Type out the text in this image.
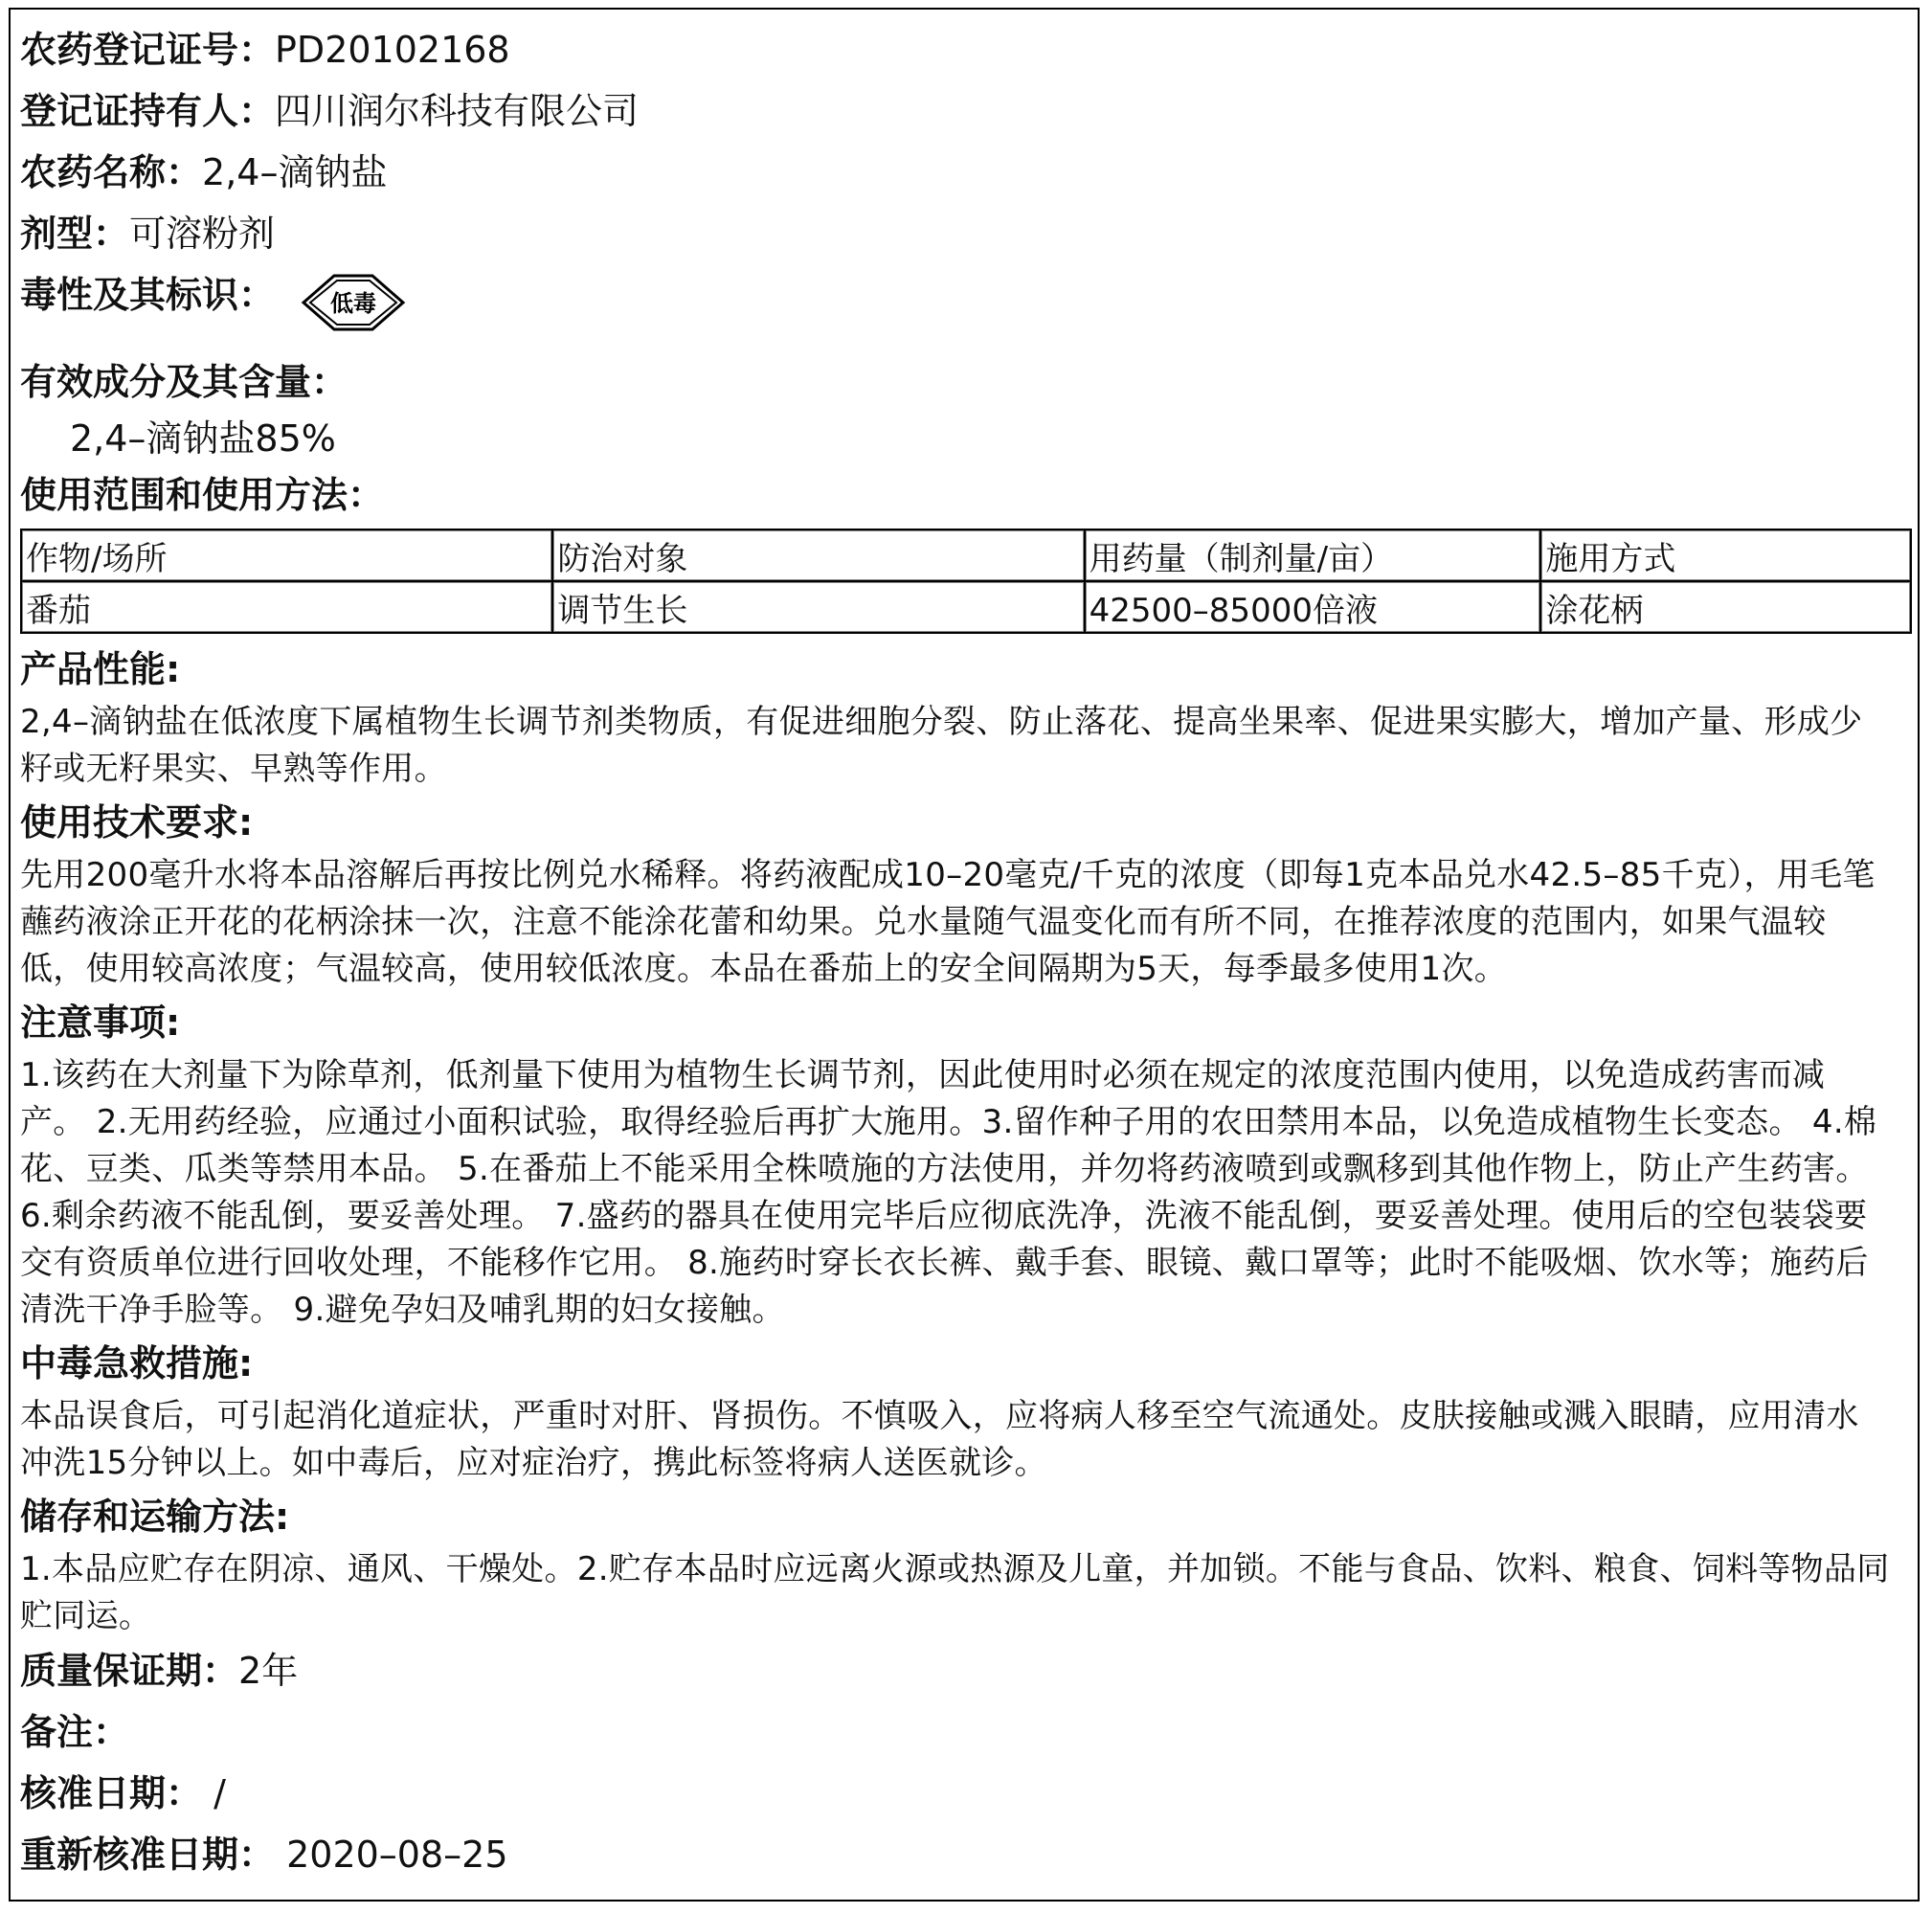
农药登记证号：PD20102168
登记证持有人：四川润尔科技有限公司
农药名称：2,4–滴钠盐
剂型：可溶粉剂
毒性及其标识： 低毒
有效成分及其含量：
2,4–滴钠盐85%
使用范围和使用方法：
作物/场所	防治对象	用药量（制剂量/亩）	施用方式
番茄	调节生长	42500–85000倍液	涂花柄
产品性能:
2,4–滴钠盐在低浓度下属植物生长调节剂类物质，有促进细胞分裂、防止落花、提高坐果率、促进果实膨大，增加产量、形成少
籽或无籽果实、早熟等作用。
使用技术要求:
先用200毫升水将本品溶解后再按比例兑水稀释。将药液配成10–20毫克/千克的浓度（即每1克本品兑水42.5–85千克），用毛笔
蘸药液涂正开花的花柄涂抹一次，注意不能涂花蕾和幼果。兑水量随气温变化而有所不同，在推荐浓度的范围内，如果气温较
低，使用较高浓度；气温较高，使用较低浓度。本品在番茄上的安全间隔期为5天，每季最多使用1次。
注意事项:
1.该药在大剂量下为除草剂，低剂量下使用为植物生长调节剂，因此使用时必须在规定的浓度范围内使用，以免造成药害而减
产。 2.无用药经验，应通过小面积试验，取得经验后再扩大施用。3.留作种子用的农田禁用本品，以免造成植物生长变态。 4.棉
花、豆类、瓜类等禁用本品。 5.在番茄上不能采用全株喷施的方法使用，并勿将药液喷到或飘移到其他作物上，防止产生药害。
6.剩余药液不能乱倒，要妥善处理。 7.盛药的器具在使用完毕后应彻底洗净，洗液不能乱倒，要妥善处理。使用后的空包装袋要
交有资质单位进行回收处理，不能移作它用。 8.施药时穿长衣长裤、戴手套、眼镜、戴口罩等；此时不能吸烟、饮水等；施药后
清洗干净手脸等。 9.避免孕妇及哺乳期的妇女接触。
中毒急救措施:
本品误食后，可引起消化道症状，严重时对肝、肾损伤。不慎吸入，应将病人移至空气流通处。皮肤接触或溅入眼睛，应用清水
冲洗15分钟以上。如中毒后，应对症治疗，携此标签将病人送医就诊。
储存和运输方法:
1.本品应贮存在阴凉、通风、干燥处。2.贮存本品时应远离火源或热源及儿童，并加锁。不能与食品、饮料、粮食、饲料等物品同
贮同运。
质量保证期：2年
备注：
核准日期： /
重新核准日期： 2020–08–25
